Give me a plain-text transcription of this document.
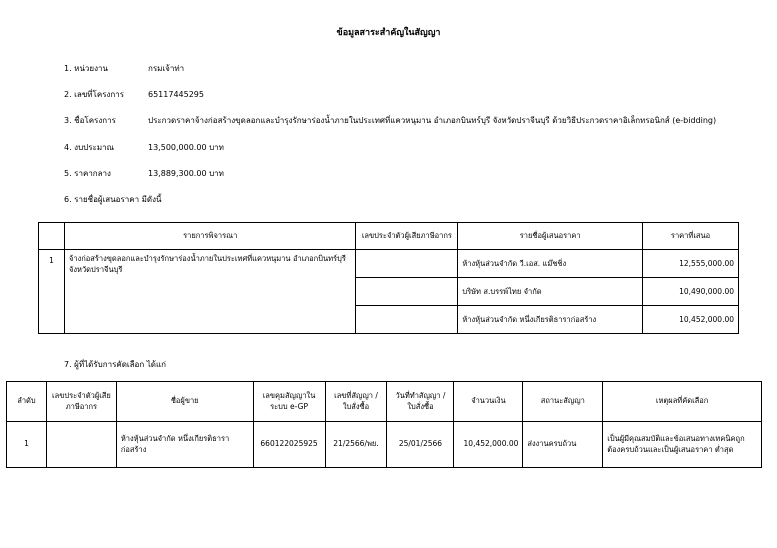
ข้อมูลสาระสำคัญในสัญญา
1. หน่วยงาน	กรมเจ้าท่า
2. เลขที่โครงการ	65117445295
3. ชื่อโครงการ	ประกวดราคาจ้างก่อสร้างขุดลอกและบำรุงรักษาร่องน้ำภายในประเทศที่แควหนุมาน อำเภอกบินทร์บุรี จังหวัดปราจีนบุรี ด้วยวิธีประกวดราคาอิเล็กทรอนิกส์ (e-bidding)
4. งบประมาณ	13,500,000.00 บาท
5. ราคากลาง	13,889,300.00 บาท
6. รายชื่อผู้เสนอราคา มีดังนี้
	รายการพิจารณา	เลขประจำตัวผู้เสียภาษีอากร	รายชื่อผู้เสนอราคา	ราคาที่เสนอ
1	จ้างก่อสร้างขุดลอกและบำรุงรักษาร่องน้ำภายในประเทศที่แควหนุมาน อำเภอกบินทร์บุรี จังหวัดปราจีนบุรี		ห้างหุ้นส่วนจำกัด วี.เอส. แม๊ชชิ่ง	12,555,000.00
			บริษัท ส.บรรพ์ไทย จำกัด	10,490,000.00
			ห้างหุ้นส่วนจำกัด หนึ่งเกียรติธาราก่อสร้าง	10,452,000.00
7. ผู้ที่ได้รับการคัดเลือก ได้แก่
ลำดับ	เลขประจำตัวผู้เสียภาษีอากร	ชื่อผู้ขาย	เลขคุมสัญญาในระบบ e-GP	เลขที่สัญญา / ใบสั่งซื้อ	วันที่ทำสัญญา / ใบสั่งซื้อ	จำนวนเงิน	สถานะสัญญา	เหตุผลที่คัดเลือก
1		ห้างหุ้นส่วนจำกัด หนึ่งเกียรติธาราก่อสร้าง	660122025925	21/2566/พย.	25/01/2566	10,452,000.00	ส่งงานครบถ้วน	เป็นผู้มีคุณสมบัติและข้อเสนอทางเทคนิคถูกต้องครบถ้วนและเป็นผู้เสนอราคา ต่ำสุด
